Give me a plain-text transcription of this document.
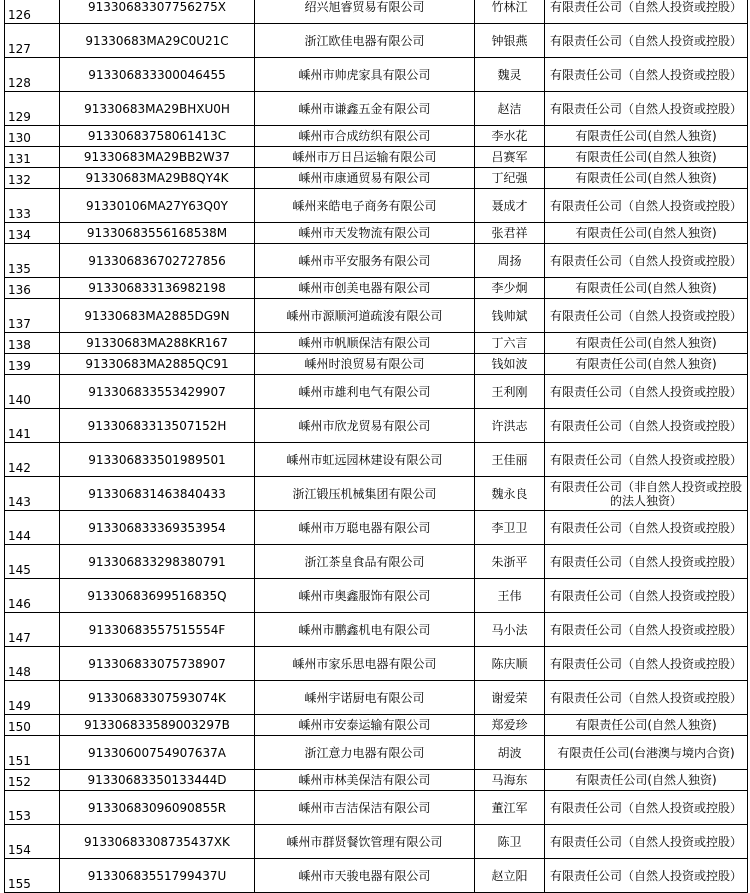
126	91330683307756275X	绍兴旭睿贸易有限公司	竹林江	有限责任公司（自然人投资或控股）
127	91330683MA29C0U21C	浙江欧佳电器有限公司	钟银燕	有限责任公司（自然人投资或控股）
128	913306833300046455	嵊州市帅虎家具有限公司	魏灵	有限责任公司（自然人投资或控股）
129	91330683MA29BHXU0H	嵊州市谦鑫五金有限公司	赵洁	有限责任公司（自然人投资或控股）
130	91330683758061413C	嵊州市合成纺织有限公司	李水花	有限责任公司(自然人独资)
131	91330683MA29BB2W37	嵊州市万日吕运输有限公司	吕赛军	有限责任公司(自然人独资)
132	91330683MA29B8QY4K	嵊州市康通贸易有限公司	丁纪强	有限责任公司(自然人独资)
133	91330106MA27Y63Q0Y	嵊州来皓电子商务有限公司	聂成才	有限责任公司（自然人投资或控股）
134	91330683556168538M	嵊州市天发物流有限公司	张君祥	有限责任公司(自然人独资)
135	913306836702727856	嵊州市平安服务有限公司	周扬	有限责任公司（自然人投资或控股）
136	913306833136982198	嵊州市创美电器有限公司	李少炯	有限责任公司(自然人独资)
137	91330683MA2885DG9N	嵊州市源顺河道疏浚有限公司	钱帅斌	有限责任公司（自然人投资或控股）
138	91330683MA288KR167	嵊州市帆顺保洁有限公司	丁六言	有限责任公司(自然人独资)
139	91330683MA2885QC91	嵊州时浪贸易有限公司	钱如波	有限责任公司(自然人独资)
140	913306833553429907	嵊州市雄利电气有限公司	王利刚	有限责任公司（自然人投资或控股）
141	91330683313507152H	嵊州市欣龙贸易有限公司	许洪志	有限责任公司（自然人投资或控股）
142	913306833501989501	嵊州市虹远园林建设有限公司	王佳丽	有限责任公司（自然人投资或控股）
143	913306831463840433	浙江锻压机械集团有限公司	魏永良	有限责任公司（非自然人投资或控股的法人独资）
144	913306833369353954	嵊州市万聪电器有限公司	李卫卫	有限责任公司（自然人投资或控股）
145	913306833298380791	浙江茶皇食品有限公司	朱浙平	有限责任公司（自然人投资或控股）
146	91330683699516835Q	嵊州市奥鑫服饰有限公司	王伟	有限责任公司（自然人投资或控股）
147	91330683557515554F	嵊州市鹏鑫机电有限公司	马小法	有限责任公司（自然人投资或控股）
148	913306833075738907	嵊州市家乐思电器有限公司	陈庆顺	有限责任公司（自然人投资或控股）
149	91330683307593074K	嵊州宇诺厨电有限公司	谢爱荣	有限责任公司（自然人投资或控股）
150	913306833589003297B	嵊州市安泰运输有限公司	郑爱珍	有限责任公司(自然人独资)
151	91330600754907637A	浙江意力电器有限公司	胡波	有限责任公司(台港澳与境内合资)
152	91330683350133444D	嵊州市林美保洁有限公司	马海东	有限责任公司(自然人独资)
153	91330683096090855R	嵊州市吉洁保洁有限公司	董江军	有限责任公司（自然人投资或控股）
154	91330683308735437XK	嵊州市群贤餐饮管理有限公司	陈卫	有限责任公司（自然人投资或控股）
155	91330683551799437U	嵊州市天骏电器有限公司	赵立阳	有限责任公司（自然人投资或控股）
